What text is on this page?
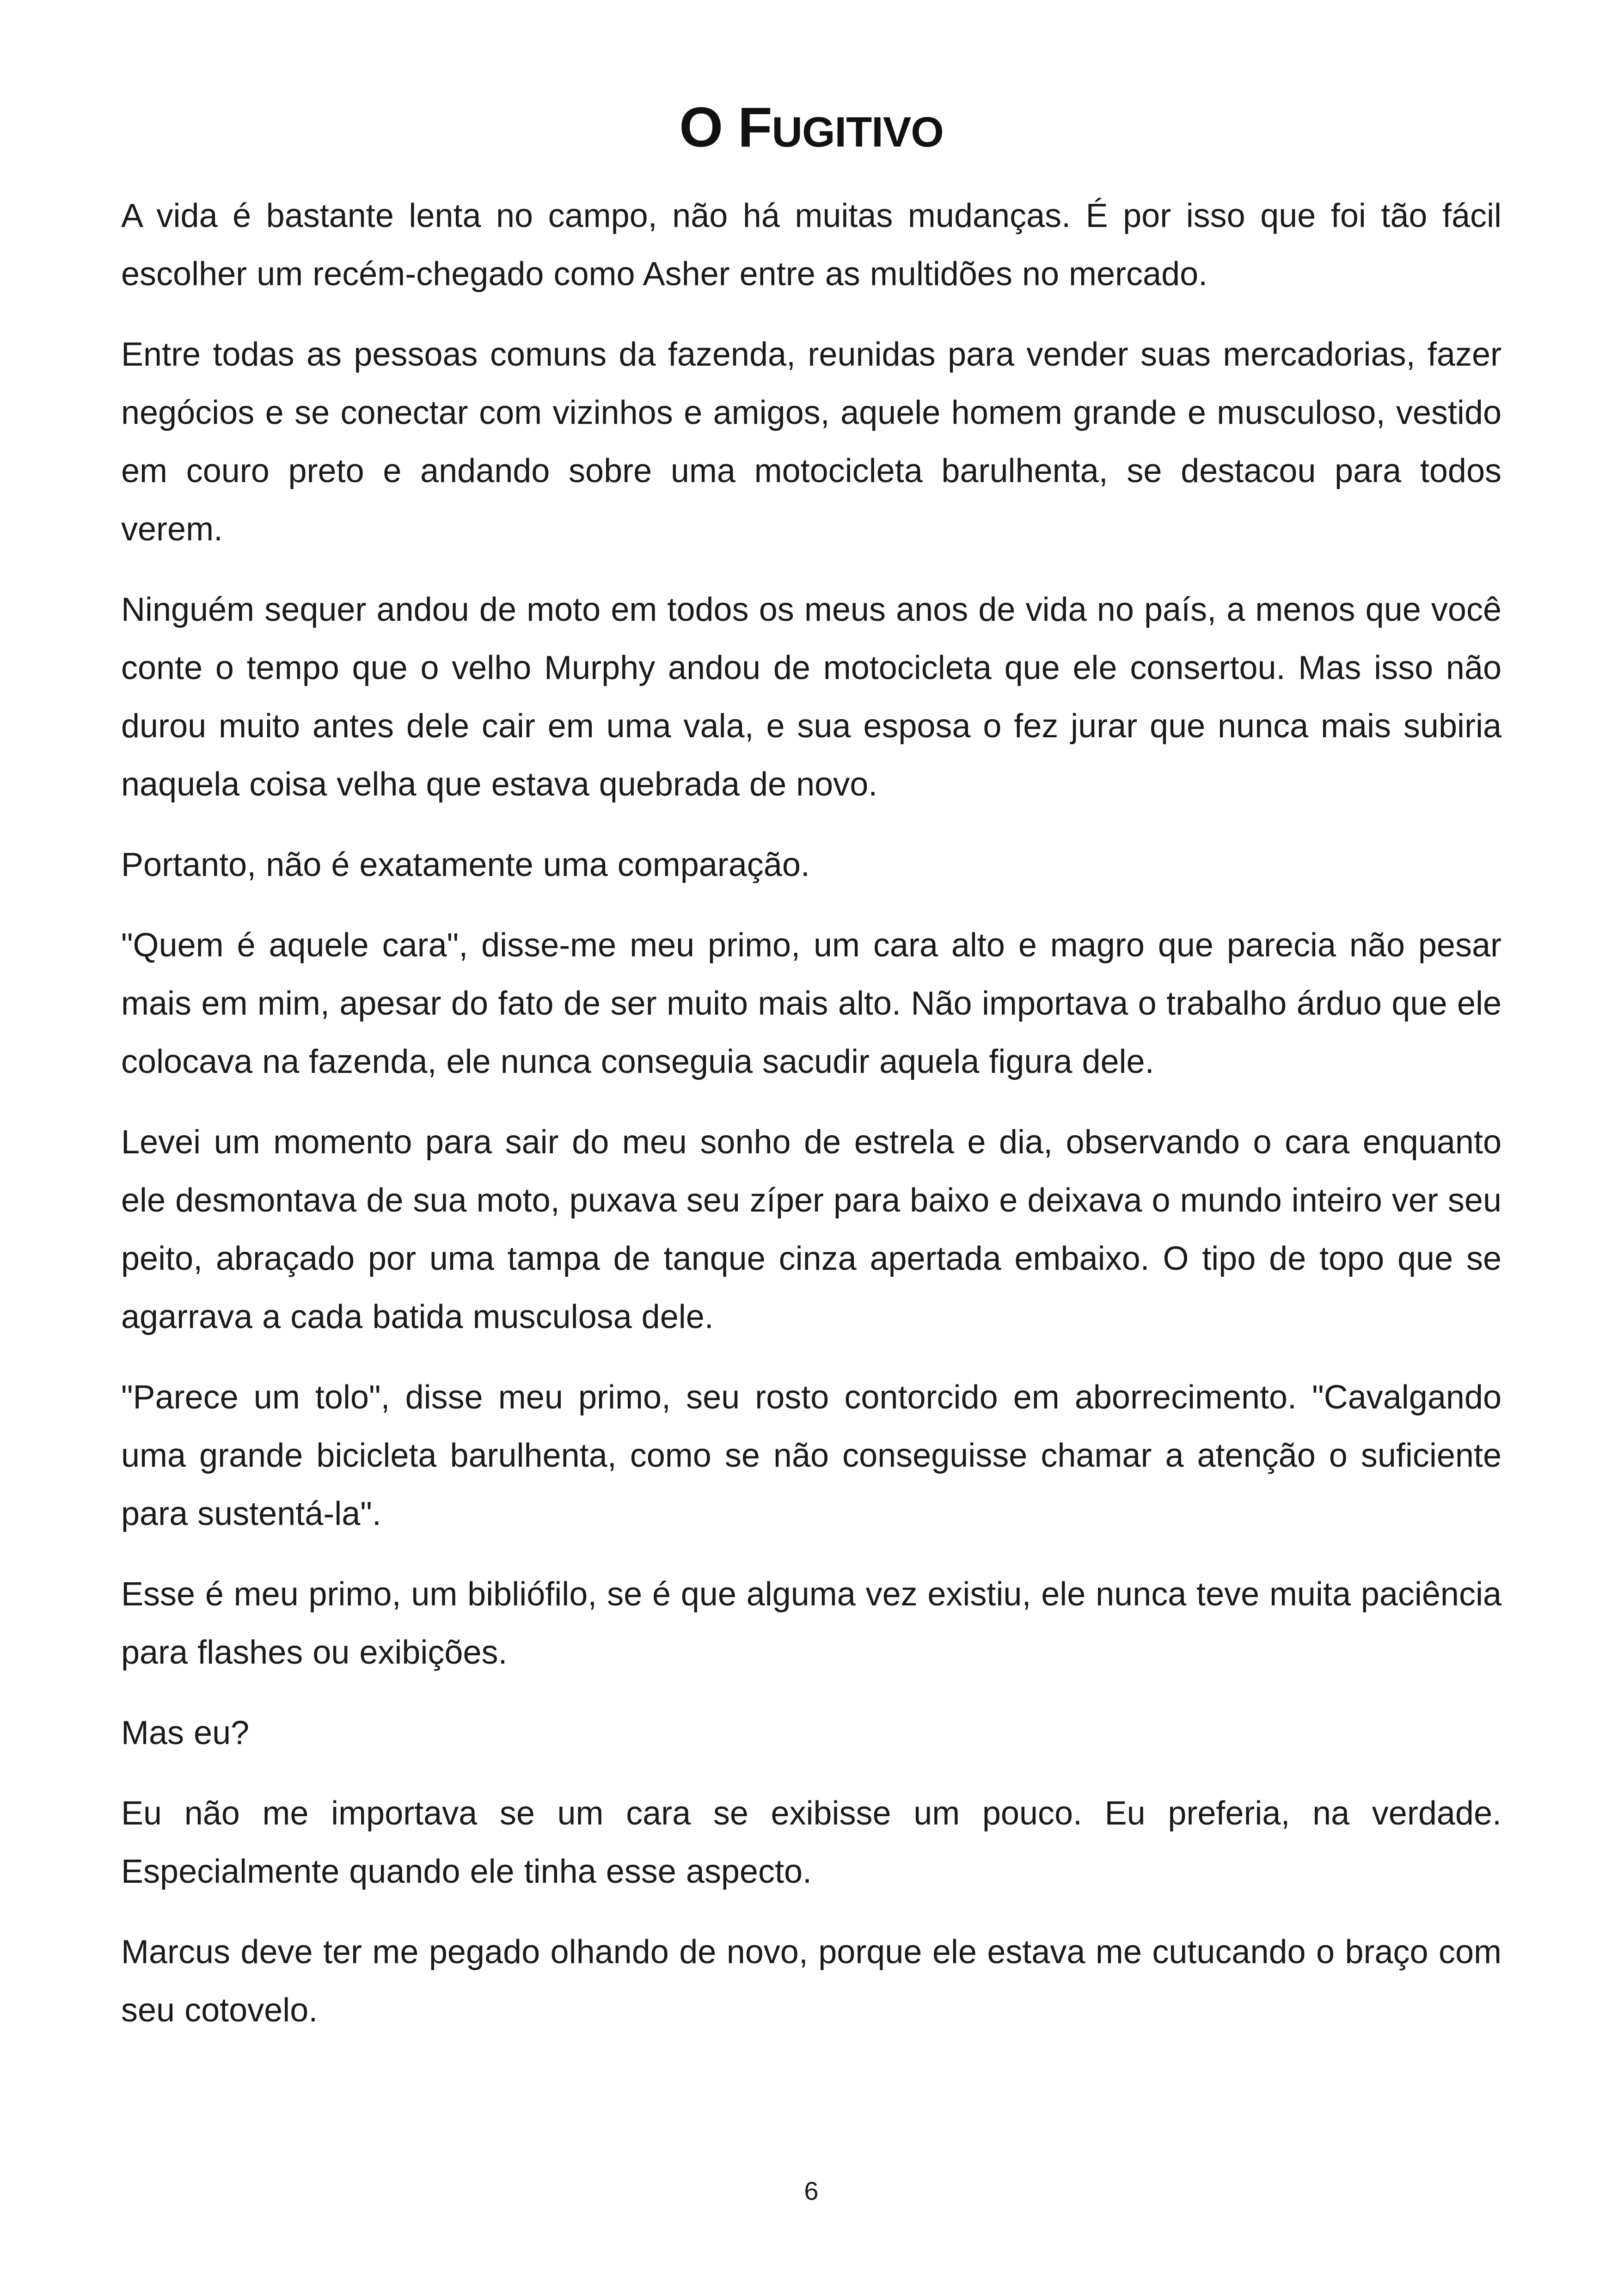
O FUGITIVO

A vida é bastante lenta no campo, não há muitas mudanças. É por isso que foi tão fácil escolher um recém-chegado como Asher entre as multidões no mercado.

Entre todas as pessoas comuns da fazenda, reunidas para vender suas mercadorias, fazer negócios e se conectar com vizinhos e amigos, aquele homem grande e musculoso, vestido em couro preto e andando sobre uma motocicleta barulhenta, se destacou para todos verem.

Ninguém sequer andou de moto em todos os meus anos de vida no país, a menos que você conte o tempo que o velho Murphy andou de motocicleta que ele consertou. Mas isso não durou muito antes dele cair em uma vala, e sua esposa o fez jurar que nunca mais subiria naquela coisa velha que estava quebrada de novo.

Portanto, não é exatamente uma comparação.

"Quem é aquele cara", disse-me meu primo, um cara alto e magro que parecia não pesar mais em mim, apesar do fato de ser muito mais alto. Não importava o trabalho árduo que ele colocava na fazenda, ele nunca conseguia sacudir aquela figura dele.

Levei um momento para sair do meu sonho de estrela e dia, observando o cara enquanto ele desmontava de sua moto, puxava seu zíper para baixo e deixava o mundo inteiro ver seu peito, abraçado por uma tampa de tanque cinza apertada embaixo. O tipo de topo que se agarrava a cada batida musculosa dele.

"Parece um tolo", disse meu primo, seu rosto contorcido em aborrecimento. "Cavalgando uma grande bicicleta barulhenta, como se não conseguisse chamar a atenção o suficiente para sustentá-la".

Esse é meu primo, um bibliófilo, se é que alguma vez existiu, ele nunca teve muita paciência para flashes ou exibições.

Mas eu?

Eu não me importava se um cara se exibisse um pouco. Eu preferia, na verdade. Especialmente quando ele tinha esse aspecto.

Marcus deve ter me pegado olhando de novo, porque ele estava me cutucando o braço com seu cotovelo.

6
